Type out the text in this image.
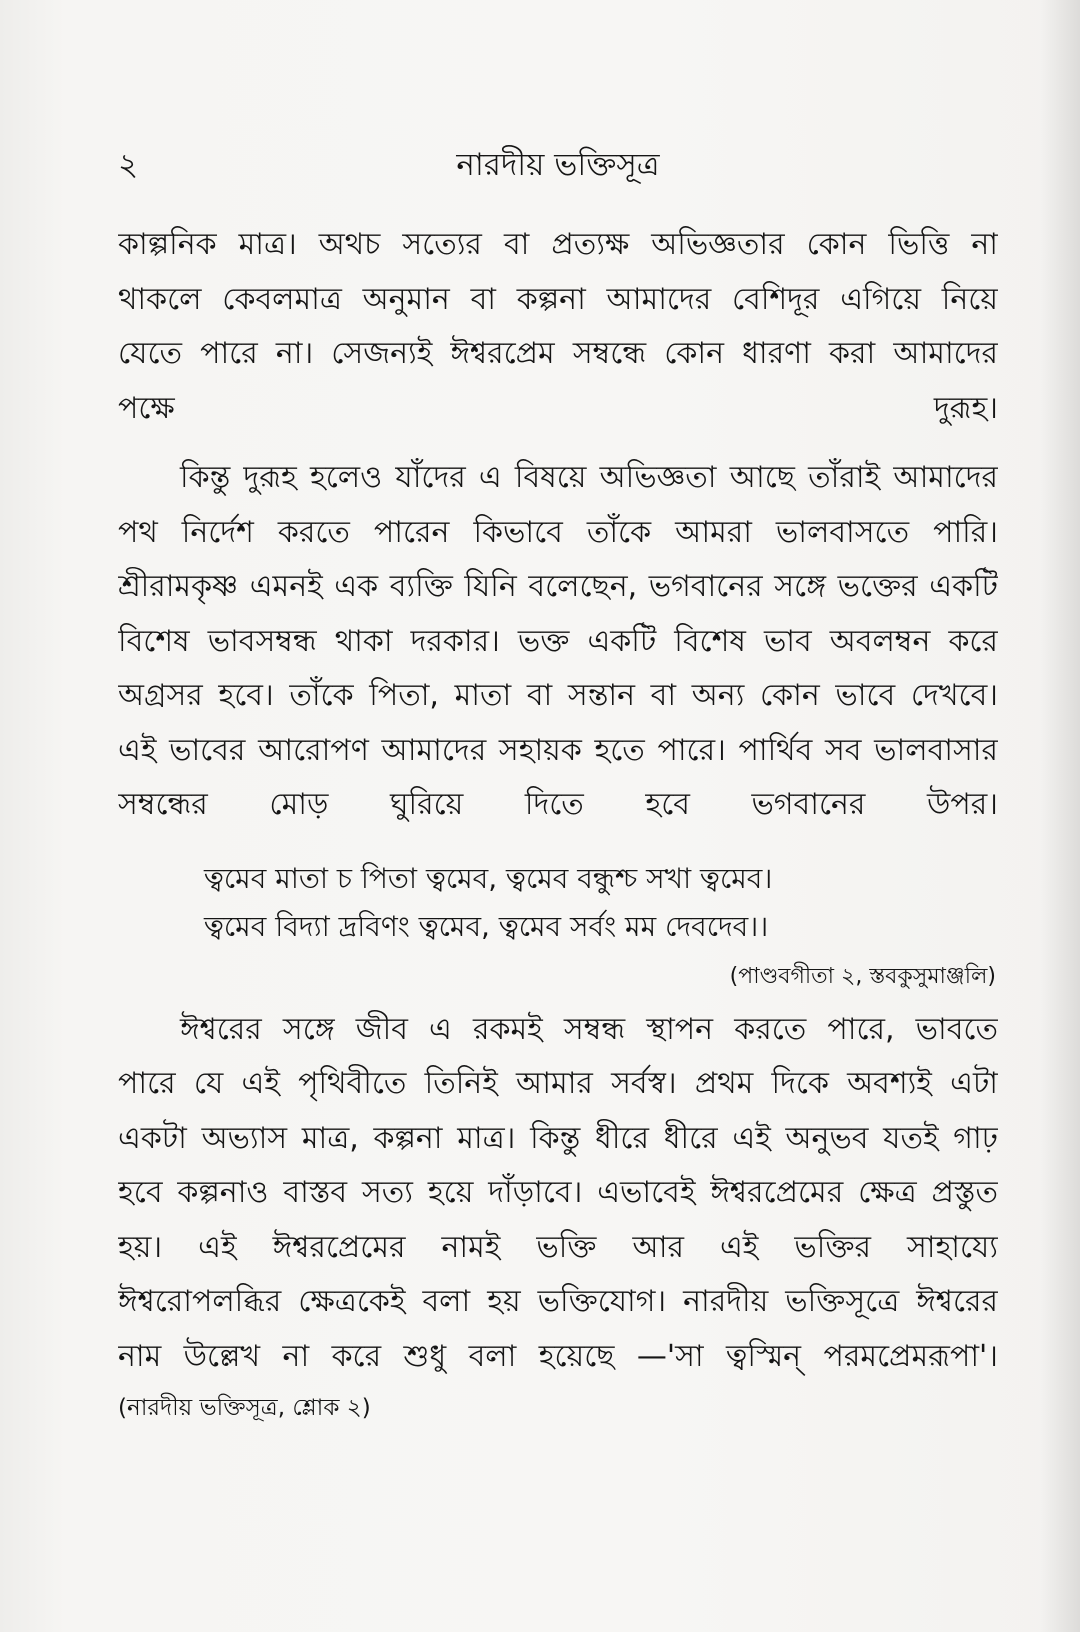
২	নারদীয় ভক্তিসূত্র
কাল্পনিক মাত্র। অথচ সত্যের বা প্রত্যক্ষ অভিজ্ঞতার কোন ভিত্তি না
থাকলে কেবলমাত্র অনুমান বা কল্পনা আমাদের বেশিদূর এগিয়ে নিয়ে
যেতে পারে না। সেজন্যই ঈশ্বরপ্রেম সম্বন্ধে কোন ধারণা করা আমাদের
পক্ষে দুরূহ।
কিন্তু দুরূহ হলেও যাঁদের এ বিষয়ে অভিজ্ঞতা আছে তাঁরাই আমাদের
পথ নির্দেশ করতে পারেন কিভাবে তাঁকে আমরা ভালবাসতে পারি।
শ্রীরামকৃষ্ণ এমনই এক ব্যক্তি যিনি বলেছেন, ভগবানের সঙ্গে ভক্তের একটি
বিশেষ ভাবসম্বন্ধ থাকা দরকার। ভক্ত একটি বিশেষ ভাব অবলম্বন করে
অগ্রসর হবে। তাঁকে পিতা, মাতা বা সন্তান বা অন্য কোন ভাবে দেখবে।
এই ভাবের আরোপণ আমাদের সহায়ক হতে পারে। পার্থিব সব ভালবাসার
সম্বন্ধের মোড় ঘুরিয়ে দিতে হবে ভগবানের উপর।
ত্বমেব মাতা চ পিতা ত্বমেব, ত্বমেব বন্ধুশ্চ সখা ত্বমেব।
ত্বমেব বিদ্যা দ্রবিণং ত্বমেব, ত্বমেব সর্বং মম দেবদেব।।
(পাণ্ডবগীতা ২, স্তবকুসুমাঞ্জলি)
ঈশ্বরের সঙ্গে জীব এ রকমই সম্বন্ধ স্থাপন করতে পারে, ভাবতে
পারে যে এই পৃথিবীতে তিনিই আমার সর্বস্ব। প্রথম দিকে অবশ্যই এটা
একটা অভ্যাস মাত্র, কল্পনা মাত্র। কিন্তু ধীরে ধীরে এই অনুভব যতই গাঢ়
হবে কল্পনাও বাস্তব সত্য হয়ে দাঁড়াবে। এভাবেই ঈশ্বরপ্রেমের ক্ষেত্র প্রস্তুত
হয়। এই ঈশ্বরপ্রেমের নামই ভক্তি আর এই ভক্তির সাহায্যে
ঈশ্বরোপলব্ধির ক্ষেত্রকেই বলা হয় ভক্তিযোগ। নারদীয় ভক্তিসূত্রে ঈশ্বরের
নাম উল্লেখ না করে শুধু বলা হয়েছে —'সা ত্বস্মিন্ পরমপ্রেমরূপা'।
(নারদীয় ভক্তিসূত্র, শ্লোক ২)
